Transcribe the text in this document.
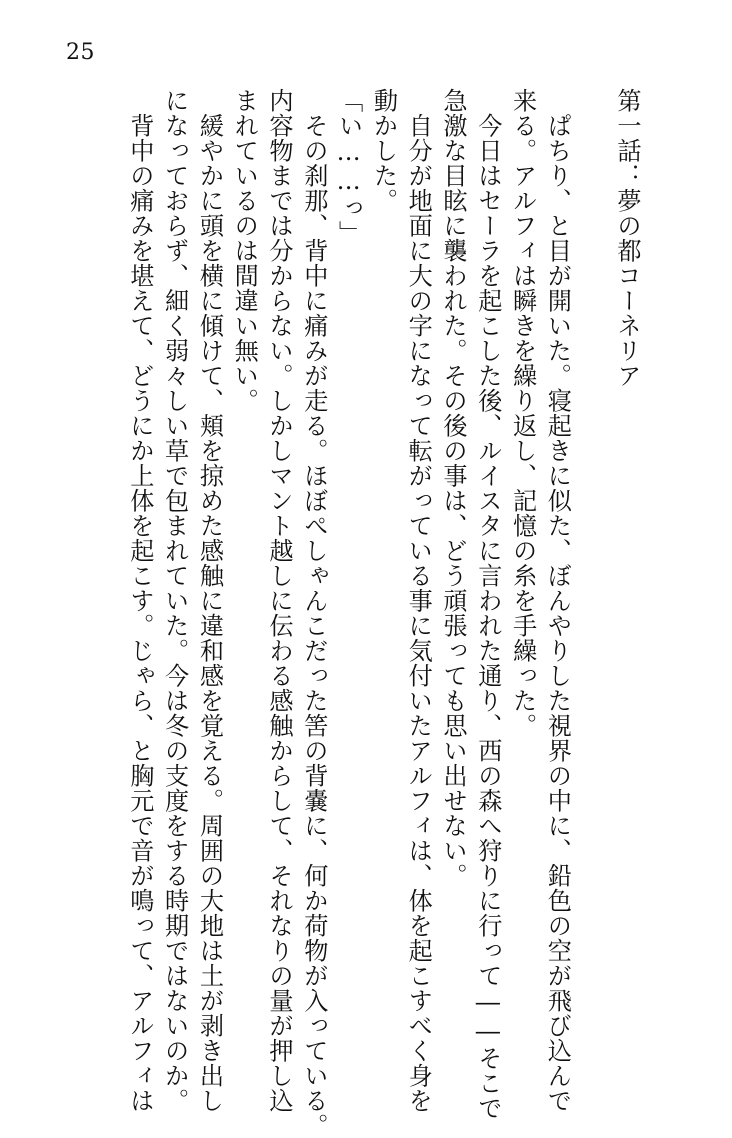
25
第一話：夢の都コーネリア
　ぱちり、と目が開いた。寝起きに似た、ぼんやりした視界の中に、鉛色の空が飛び込んで
来る。アルフィは瞬きを繰り返し、記憶の糸を手繰った。
　今日はセーラを起こした後、ルイスタに言われた通り、西の森へ狩りに行って――そこで
急激な目眩に襲われた。その後の事は、どう頑張っても思い出せない。
　自分が地面に大の字になって転がっている事に気付いたアルフィは、体を起こすべく身を
動かした。
「い……っ」
　その刹那、背中に痛みが走る。ほぼぺしゃんこだった筈の背嚢に、何か荷物が入っている。
内容物までは分からない。しかしマント越しに伝わる感触からして、それなりの量が押し込
まれているのは間違い無い。
　緩やかに頭を横に傾けて、頬を掠めた感触に違和感を覚える。周囲の大地は土が剥き出し
になっておらず、細く弱々しい草で包まれていた。今は冬の支度をする時期ではないのか。
　背中の痛みを堪えて、どうにか上体を起こす。じゃら、と胸元で音が鳴って、アルフィは
